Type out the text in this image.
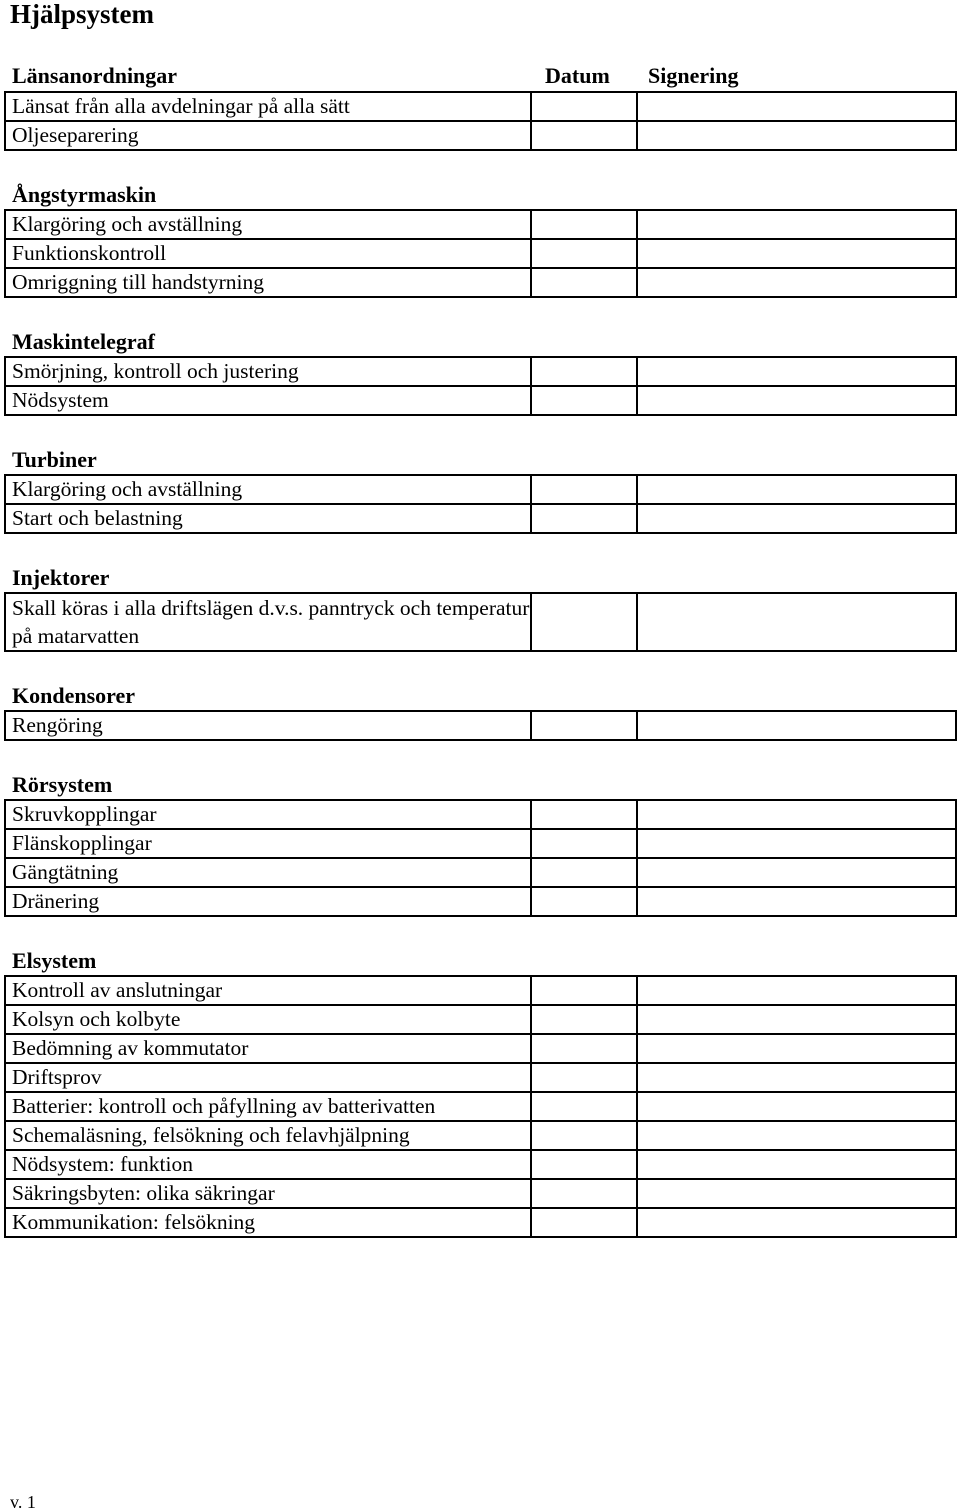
Hjälpsystem
Länsanordningar	Datum Signering
Länsat från alla avdelningar på alla sätt
Oljeseparering
Ångstyrmaskin
Klargöring och avställning
Funktionskontroll
Omriggning till handstyrning
Maskintelegraf
Smörjning, kontroll och justering
Nödsystem
Turbiner
Klargöring och avställning
Start och belastning
Injektorer
Skall köras i alla driftslägen d.v.s. panntryck och temperatur på matarvatten
Kondensorer
Rengöring
Rörsystem
Skruvkopplingar
Flänskopplingar
Gängtätning
Dränering
Elsystem
Kontroll av anslutningar
Kolsyn och kolbyte
Bedömning av kommutator
Driftsprov
Batterier: kontroll och påfyllning av batterivatten
Schemaläsning, felsökning och felavhjälpning
Nödsystem: funktion
Säkringsbyten: olika säkringar
Kommunikation: felsökning
v. 1
